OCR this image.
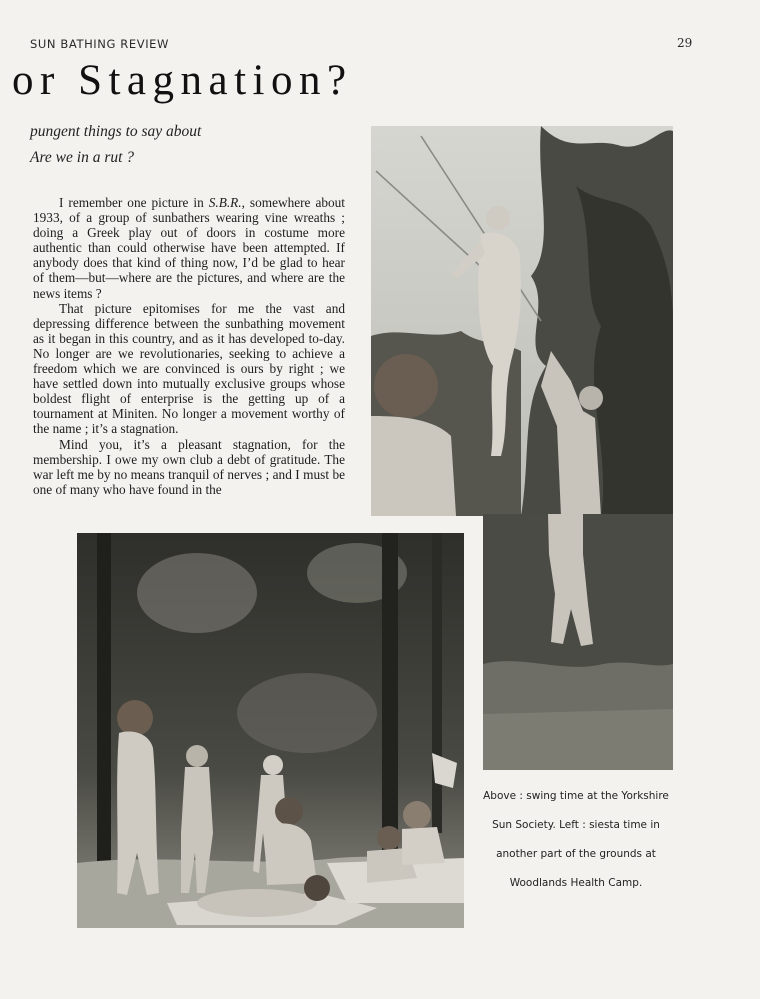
SUN BATHING REVIEW	29
or Stagnation?
pungent things to say about
Are we in a rut ?

I remember one picture in S.B.R., somewhere about 1933, of a group of sunbathers wearing vine wreaths ; doing a Greek play out of doors in costume more authentic than could otherwise have been attempted. If anybody does that kind of thing now, I’d be glad to hear of them—but—where are the pictures, and where are the news items ?

That picture epitomises for me the vast and depressing difference between the sunbathing movement as it began in this country, and as it has developed to-day. No longer are we revolutionaries, seeking to achieve a freedom which we are convinced is ours by right ; we have settled down into mutually exclusive groups whose boldest flight of enterprise is the getting up of a tournament at Miniten. No longer a movement worthy of the name ; it’s a stagnation.

Mind you, it’s a pleasant stagnation, for the membership. I owe my own club a debt of gratitude. The war left me by no means tranquil of nerves ; and I must be one of many who have found in the

Above : swing time at the Yorkshire
Sun Society. Left : siesta time in
another part of the grounds at
Woodlands Health Camp.
